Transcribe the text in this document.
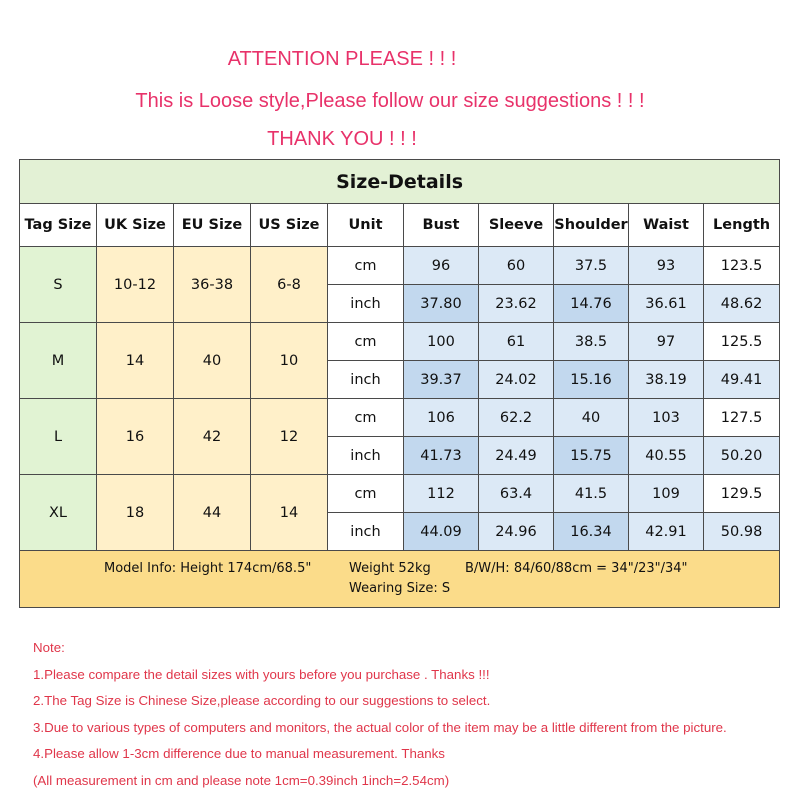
ATTENTION PLEASE ! ! !
This is Loose style,Please follow our size suggestions ! ! !
THANK YOU ! ! !
Size-Details									
Tag Size	UK Size	EU Size	US Size	Unit	Bust	Sleeve	Shoulder	Waist	Length
S	10-12	36-38	6-8	cm	96	60	37.5	93	123.5
				inch	37.80	23.62	14.76	36.61	48.62
M	14	40	10	cm	100	61	38.5	97	125.5
				inch	39.37	24.02	15.16	38.19	49.41
L	16	42	12	cm	106	62.2	40	103	127.5
				inch	41.73	24.49	15.75	40.55	50.20
XL	18	44	14	cm	112	63.4	41.5	109	129.5
				inch	44.09	24.96	16.34	42.91	50.98

Model Info: Height 174cm/68.5" Weight 52kg B/W/H: 84/60/88cm = 34"/23"/34"
Wearing Size: S									
Note:
1.Please compare the detail sizes with yours before you purchase . Thanks !!!
2.The Tag Size is Chinese Size,please according to our suggestions to select.
3.Due to various types of computers and monitors, the actual color of the item may be a little different from the picture.
4.Please allow 1-3cm difference due to manual measurement. Thanks
(All measurement in cm and please note 1cm=0.39inch 1inch=2.54cm)
